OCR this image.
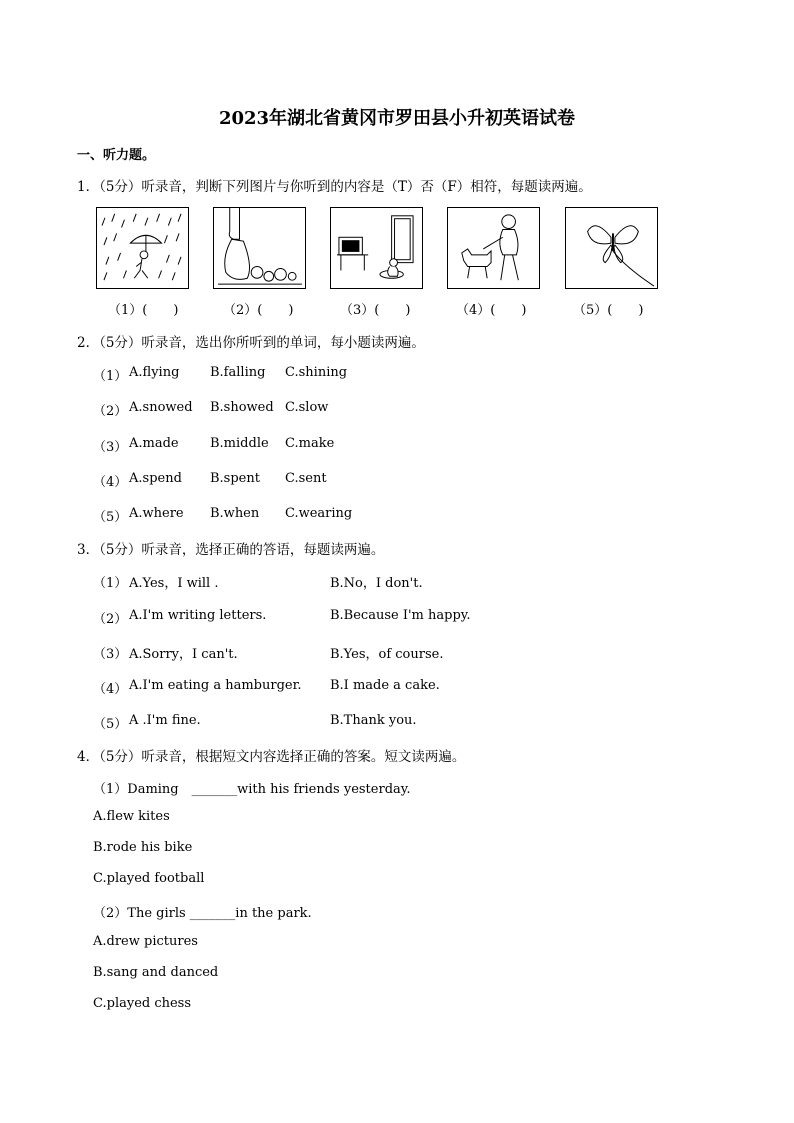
2023年湖北省黄冈市罗田县小升初英语试卷
一、听力题。
1．（5分）听录音，判断下列图片与你听到的内容是（T）否（F）相符，每题读两遍。
（1）(　　)	（2）(　　)	（3）(　　)	（4）(　　)	（5）(　　)
2．（5分）听录音，选出你所听到的单词，每小题读两遍。
（1） A.flying B.falling C.shining
（2） A.snowed B.showed C.slow
（3） A.made B.middle C.make
（4） A.spend B.spent C.sent
（5） A.where B.when C.wearing
3．（5分）听录音，选择正确的答语，每题读两遍。
（1） A.Yes，I will .	B.No，I don't.
（2） A.I'm writing letters.	B.Because I'm happy.
（3） A.Sorry，I can't.	B.Yes，of course.
（4） A.I'm eating a hamburger. B.I made a cake.
（5） A .I'm fine.	B.Thank you.
4．（5分）听录音，根据短文内容选择正确的答案。短文读两遍。
（1）Daming　_______with his friends yesterday.
A.flew kites
B.rode his bike
C.played football
（2）The girls _______in the park.
A.drew pictures
B.sang and danced
C.played chess
